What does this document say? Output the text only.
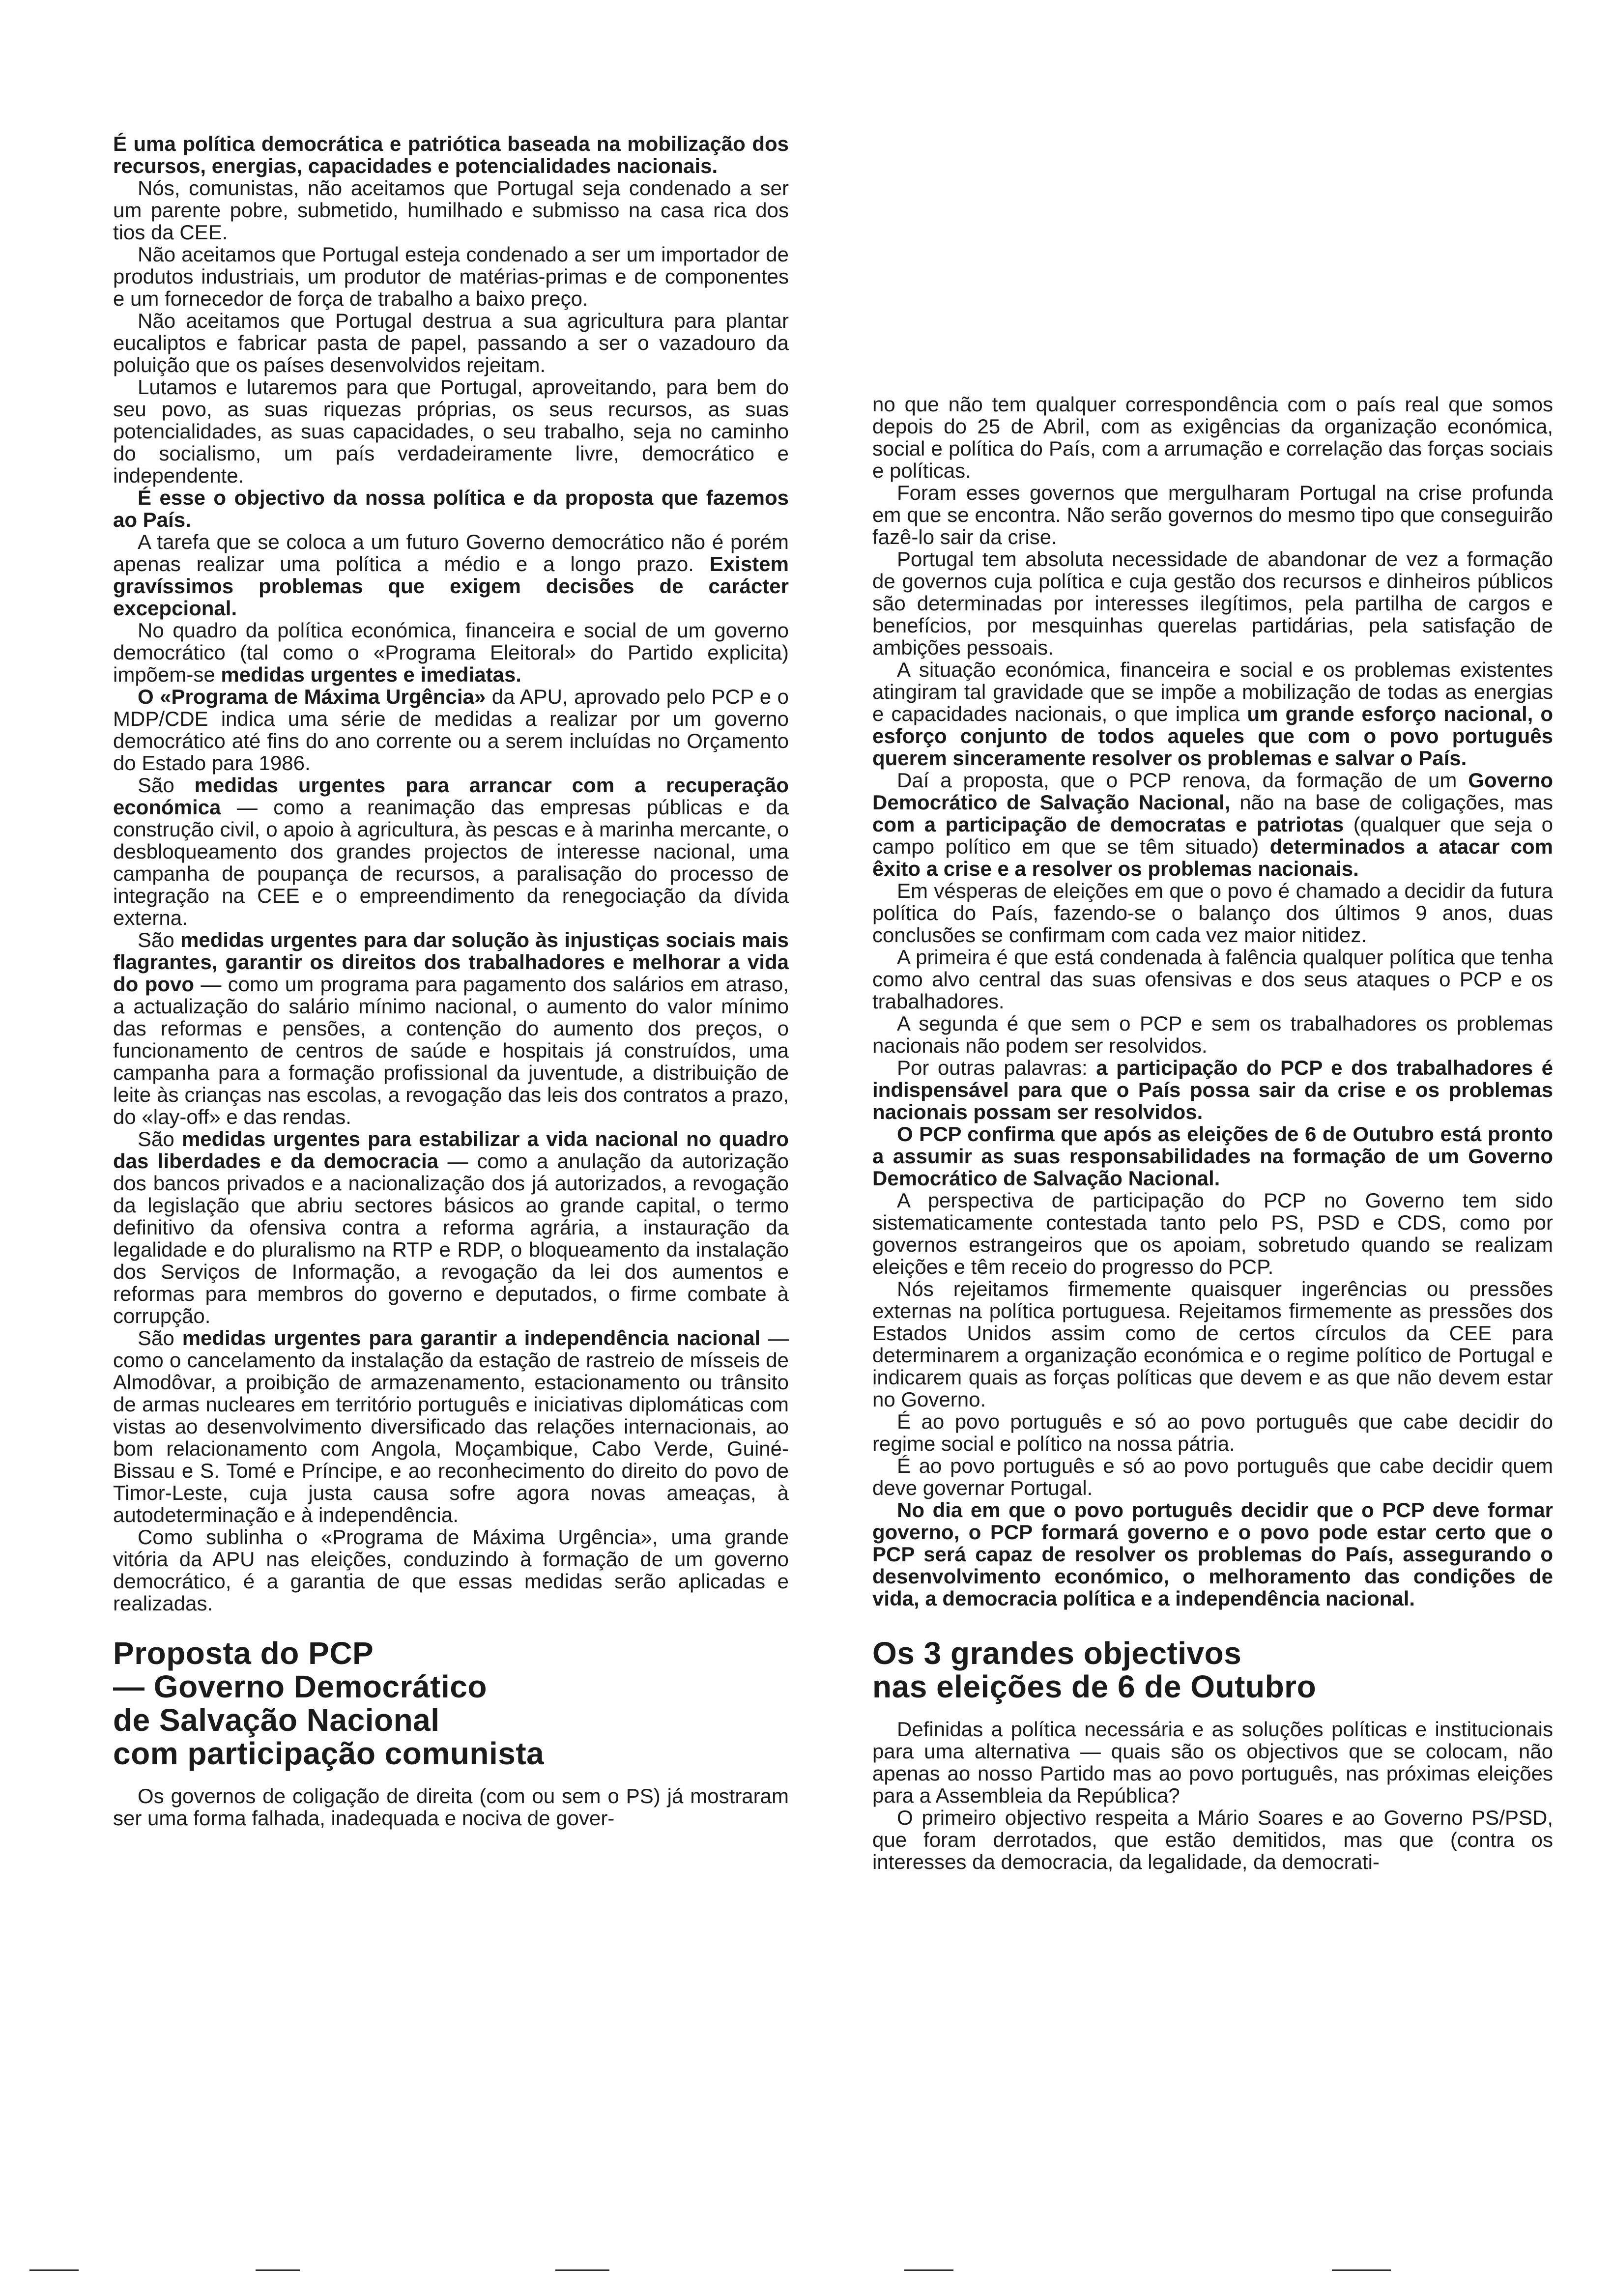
É uma política democrática e patriótica baseada na mobilização dos recursos, energias, capacidades e potencialidades nacionais.

Nós, comunistas, não aceitamos que Portugal seja condenado a ser um parente pobre, submetido, humilhado e submisso na casa rica dos tios da CEE.

Não aceitamos que Portugal esteja condenado a ser um importador de produtos industriais, um produtor de matérias-primas e de componentes e um fornecedor de força de trabalho a baixo preço.

Não aceitamos que Portugal destrua a sua agricultura para plantar eucaliptos e fabricar pasta de papel, passando a ser o vazadouro da poluição que os países desenvolvidos rejeitam.

Lutamos e lutaremos para que Portugal, aproveitando, para bem do seu povo, as suas riquezas próprias, os seus recursos, as suas potencialidades, as suas capacidades, o seu trabalho, seja no caminho do socialismo, um país verdadeiramente livre, democrático e independente.

É esse o objectivo da nossa política e da proposta que fazemos ao País.

A tarefa que se coloca a um futuro Governo democrático não é porém apenas realizar uma política a médio e a longo prazo. Existem gravíssimos problemas que exigem decisões de carácter excepcional.

No quadro da política económica, financeira e social de um governo democrático (tal como o «Programa Eleitoral» do Partido explicita) impõem-se medidas urgentes e imediatas.

O «Programa de Máxima Urgência» da APU, aprovado pelo PCP e o MDP/CDE indica uma série de medidas a realizar por um governo democrático até fins do ano corrente ou a serem incluídas no Orçamento do Estado para 1986.

São medidas urgentes para arrancar com a recuperação económica — como a reanimação das empresas públicas e da construção civil, o apoio à agricultura, às pescas e à marinha mercante, o desbloqueamento dos grandes projectos de interesse nacional, uma campanha de poupança de recursos, a paralisação do processo de integração na CEE e o empreendimento da renegociação da dívida externa.

São medidas urgentes para dar solução às injustiças sociais mais flagrantes, garantir os direitos dos trabalhadores e melhorar a vida do povo — como um programa para pagamento dos salários em atraso, a actualização do salário mínimo nacional, o aumento do valor mínimo das reformas e pensões, a contenção do aumento dos preços, o funcionamento de centros de saúde e hospitais já construídos, uma campanha para a formação profissional da juventude, a distribuição de leite às crianças nas escolas, a revogação das leis dos contratos a prazo, do «lay-off» e das rendas.

São medidas urgentes para estabilizar a vida nacional no quadro das liberdades e da democracia — como a anulação da autorização dos bancos privados e a nacionalização dos já autorizados, a revogação da legislação que abriu sectores básicos ao grande capital, o termo definitivo da ofensiva contra a reforma agrária, a instauração da legalidade e do pluralismo na RTP e RDP, o bloqueamento da instalação dos Serviços de Informação, a revogação da lei dos aumentos e reformas para membros do governo e deputados, o firme combate à corrupção.

São medidas urgentes para garantir a independência nacional — como o cancelamento da instalação da estação de rastreio de mísseis de Almodôvar, a proibição de armazenamento, estacionamento ou trânsito de armas nucleares em território português e iniciativas diplomáticas com vistas ao desenvolvimento diversificado das relações internacionais, ao bom relacionamento com Angola, Moçambique, Cabo Verde, Guiné-Bissau e S. Tomé e Príncipe, e ao reconhecimento do direito do povo de Timor-Leste, cuja justa causa sofre agora novas ameaças, à autodeterminação e à independência.

Como sublinha o «Programa de Máxima Urgência», uma grande vitória da APU nas eleições, conduzindo à formação de um governo democrático, é a garantia de que essas medidas serão aplicadas e realizadas.

Proposta do PCP
— Governo Democrático
de Salvação Nacional
com participação comunista

Os governos de coligação de direita (com ou sem o PS) já mostraram ser uma forma falhada, inadequada e nociva de gover-

no que não tem qualquer correspondência com o país real que somos depois do 25 de Abril, com as exigências da organização económica, social e política do País, com a arrumação e correlação das forças sociais e políticas.

Foram esses governos que mergulharam Portugal na crise profunda em que se encontra. Não serão governos do mesmo tipo que conseguirão fazê-lo sair da crise.

Portugal tem absoluta necessidade de abandonar de vez a formação de governos cuja política e cuja gestão dos recursos e dinheiros públicos são determinadas por interesses ilegítimos, pela partilha de cargos e benefícios, por mesquinhas querelas partidárias, pela satisfação de ambições pessoais.

A situação económica, financeira e social e os problemas existentes atingiram tal gravidade que se impõe a mobilização de todas as energias e capacidades nacionais, o que implica um grande esforço nacional, o esforço conjunto de todos aqueles que com o povo português querem sinceramente resolver os problemas e salvar o País.

Daí a proposta, que o PCP renova, da formação de um Governo Democrático de Salvação Nacional, não na base de coligações, mas com a participação de democratas e patriotas (qualquer que seja o campo político em que se têm situado) determinados a atacar com êxito a crise e a resolver os problemas nacionais.

Em vésperas de eleições em que o povo é chamado a decidir da futura política do País, fazendo-se o balanço dos últimos 9 anos, duas conclusões se confirmam com cada vez maior nitidez.

A primeira é que está condenada à falência qualquer política que tenha como alvo central das suas ofensivas e dos seus ataques o PCP e os trabalhadores.

A segunda é que sem o PCP e sem os trabalhadores os problemas nacionais não podem ser resolvidos.

Por outras palavras: a participação do PCP e dos trabalhadores é indispensável para que o País possa sair da crise e os problemas nacionais possam ser resolvidos.

O PCP confirma que após as eleições de 6 de Outubro está pronto a assumir as suas responsabilidades na formação de um Governo Democrático de Salvação Nacional.

A perspectiva de participação do PCP no Governo tem sido sistematicamente contestada tanto pelo PS, PSD e CDS, como por governos estrangeiros que os apoiam, sobretudo quando se realizam eleições e têm receio do progresso do PCP.

Nós rejeitamos firmemente quaisquer ingerências ou pressões externas na política portuguesa. Rejeitamos firmemente as pressões dos Estados Unidos assim como de certos círculos da CEE para determinarem a organização económica e o regime político de Portugal e indicarem quais as forças políticas que devem e as que não devem estar no Governo.

É ao povo português e só ao povo português que cabe decidir do regime social e político na nossa pátria.

É ao povo português e só ao povo português que cabe decidir quem deve governar Portugal.

No dia em que o povo português decidir que o PCP deve formar governo, o PCP formará governo e o povo pode estar certo que o PCP será capaz de resolver os problemas do País, assegurando o desenvolvimento económico, o melhoramento das condições de vida, a democracia política e a independência nacional.

Os 3 grandes objectivos
nas eleições de 6 de Outubro

Definidas a política necessária e as soluções políticas e institucionais para uma alternativa — quais são os objectivos que se colocam, não apenas ao nosso Partido mas ao povo português, nas próximas eleições para a Assembleia da República?

O primeiro objectivo respeita a Mário Soares e ao Governo PS/PSD, que foram derrotados, que estão demitidos, mas que (contra os interesses da democracia, da legalidade, da democrati-
